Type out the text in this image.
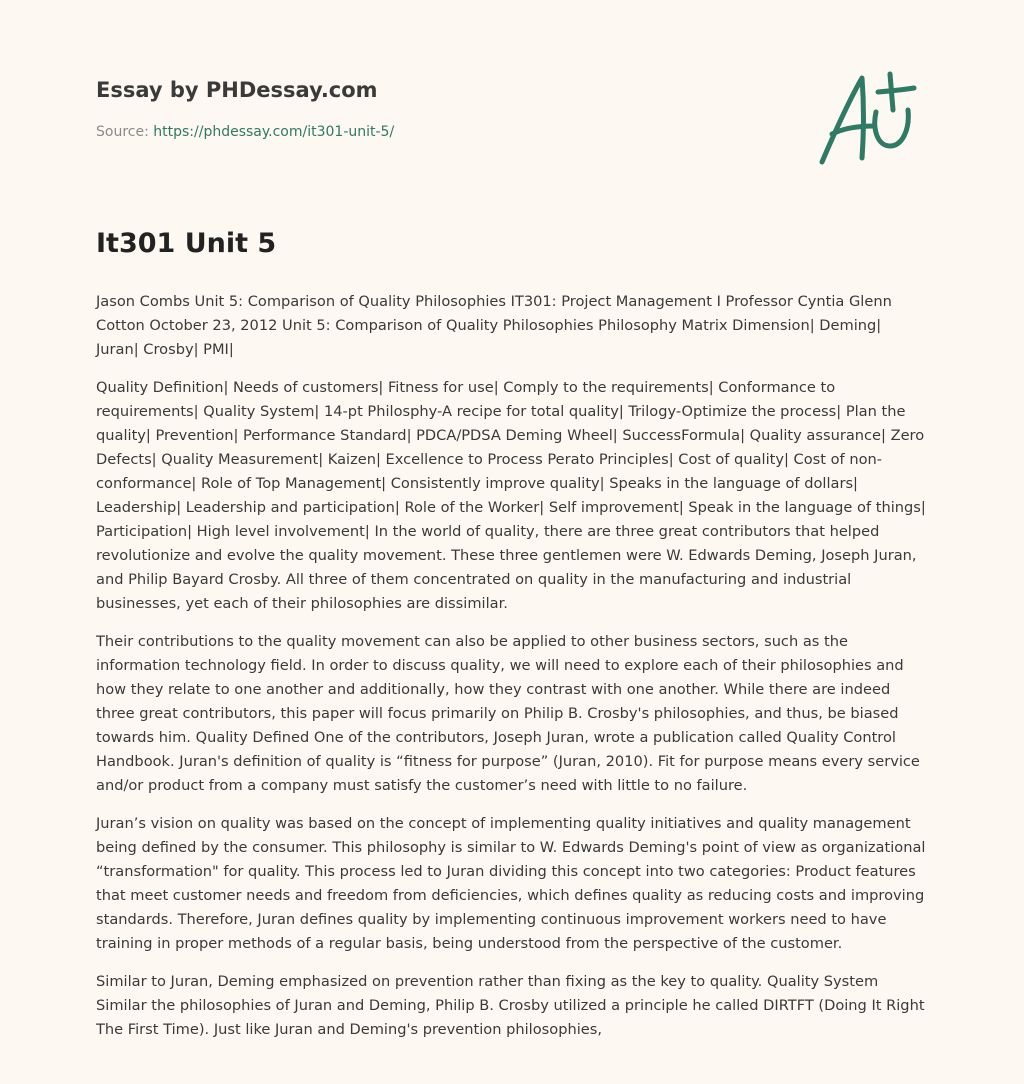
Essay by PHDessay.com

Source: https://phdessay.com/it301-unit-5/

It301 Unit 5

Jason Combs Unit 5: Comparison of Quality Philosophies IT301: Project Management I Professor Cyntia Glenn Cotton October 23, 2012 Unit 5: Comparison of Quality Philosophies Philosophy Matrix Dimension| Deming| Juran| Crosby| PMI|

Quality Definition| Needs of customers| Fitness for use| Comply to the requirements| Conformance to requirements| Quality System| 14-pt Philosphy-A recipe for total quality| Trilogy-Optimize the process| Plan the quality| Prevention| Performance Standard| PDCA/PDSA Deming Wheel| SuccessFormula| Quality assurance| Zero Defects| Quality Measurement| Kaizen| Excellence to Process Perato Principles| Cost of quality| Cost of non-conformance| Role of Top Management| Consistently improve quality| Speaks in the language of dollars| Leadership| Leadership and participation| Role of the Worker| Self improvement| Speak in the language of things| Participation| High level involvement| In the world of quality, there are three great contributors that helped revolutionize and evolve the quality movement. These three gentlemen were W. Edwards Deming, Joseph Juran, and Philip Bayard Crosby. All three of them concentrated on quality in the manufacturing and industrial businesses, yet each of their philosophies are dissimilar.

Their contributions to the quality movement can also be applied to other business sectors, such as the information technology field. In order to discuss quality, we will need to explore each of their philosophies and how they relate to one another and additionally, how they contrast with one another. While there are indeed three great contributors, this paper will focus primarily on Philip B. Crosby's philosophies, and thus, be biased towards him. Quality Defined One of the contributors, Joseph Juran, wrote a publication called Quality Control Handbook. Juran's definition of quality is “fitness for purpose” (Juran, 2010). Fit for purpose means every service and/or product from a company must satisfy the customer’s need with little to no failure.

Juran’s vision on quality was based on the concept of implementing quality initiatives and quality management being defined by the consumer. This philosophy is similar to W. Edwards Deming's point of view as organizational “transformation" for quality. This process led to Juran dividing this concept into two categories: Product features that meet customer needs and freedom from deficiencies, which defines quality as reducing costs and improving standards. Therefore, Juran defines quality by implementing continuous improvement workers need to have training in proper methods of a regular basis, being understood from the perspective of the customer.

Similar to Juran, Deming emphasized on prevention rather than fixing as the key to quality. Quality System Similar the philosophies of Juran and Deming, Philip B. Crosby utilized a principle he called DIRTFT (Doing It Right The First Time). Just like Juran and Deming's prevention philosophies,
